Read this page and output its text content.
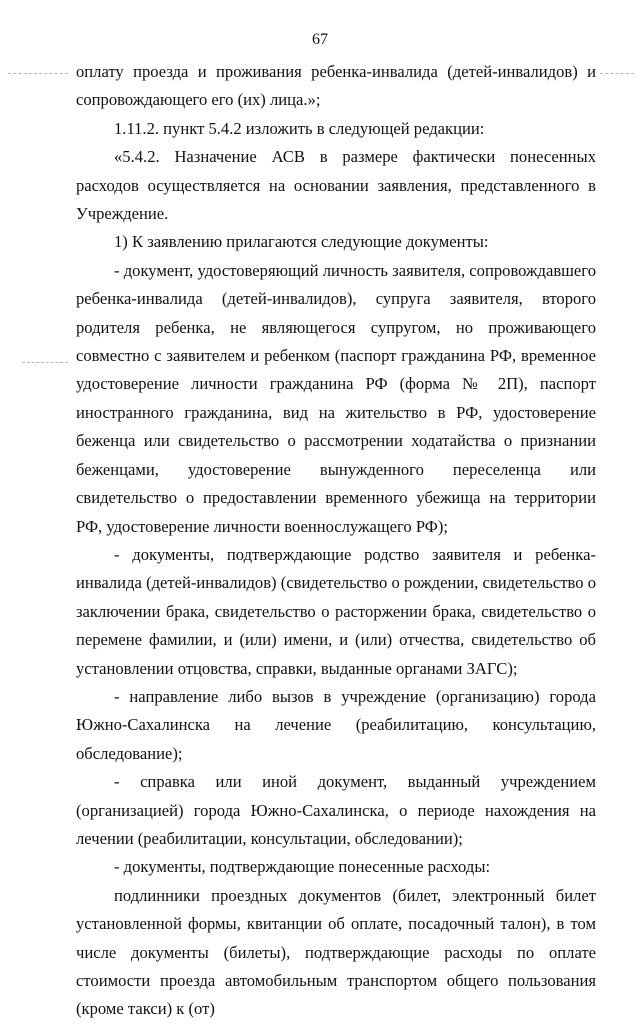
67

оплату проезда и проживания ребенка-инвалида (детей-инвалидов) и сопровождающего его (их) лица.»;

1.11.2. пункт 5.4.2 изложить в следующей редакции:

«5.4.2. Назначение АСВ в размере фактически понесенных расходов осуществляется на основании заявления, представленного в Учреждение.

1) К заявлению прилагаются следующие документы:

- документ, удостоверяющий личность заявителя, сопровождавшего ребенка-инвалида (детей-инвалидов), супруга заявителя, второго родителя ребенка, не являющегося супругом, но проживающего совместно с заявителем и ребенком (паспорт гражданина РФ, временное удостоверение личности гражданина РФ (форма № 2П), паспорт иностранного гражданина, вид на жительство в РФ, удостоверение беженца или свидетельство о рассмотрении ходатайства о признании беженцами, удостоверение вынужденного переселенца или свидетельство о предоставлении временного убежища на территории РФ, удостоверение личности военнослужащего РФ);

- документы, подтверждающие родство заявителя и ребенка-инвалида (детей-инвалидов) (свидетельство о рождении, свидетельство о заключении брака, свидетельство о расторжении брака, свидетельство о перемене фамилии, и (или) имени, и (или) отчества, свидетельство об установлении отцовства, справки, выданные органами ЗАГС);

- направление либо вызов в учреждение (организацию) города Южно-Сахалинска на лечение (реабилитацию, консультацию, обследование);

- справка или иной документ, выданный учреждением (организацией) города Южно-Сахалинска, о периоде нахождения на лечении (реабилитации, консультации, обследовании);

- документы, подтверждающие понесенные расходы:

подлинники проездных документов (билет, электронный билет установленной формы, квитанции об оплате, посадочный талон), в том числе документы (билеты), подтверждающие расходы по оплате стоимости проезда автомобильным транспортом общего пользования (кроме такси) к (от)
